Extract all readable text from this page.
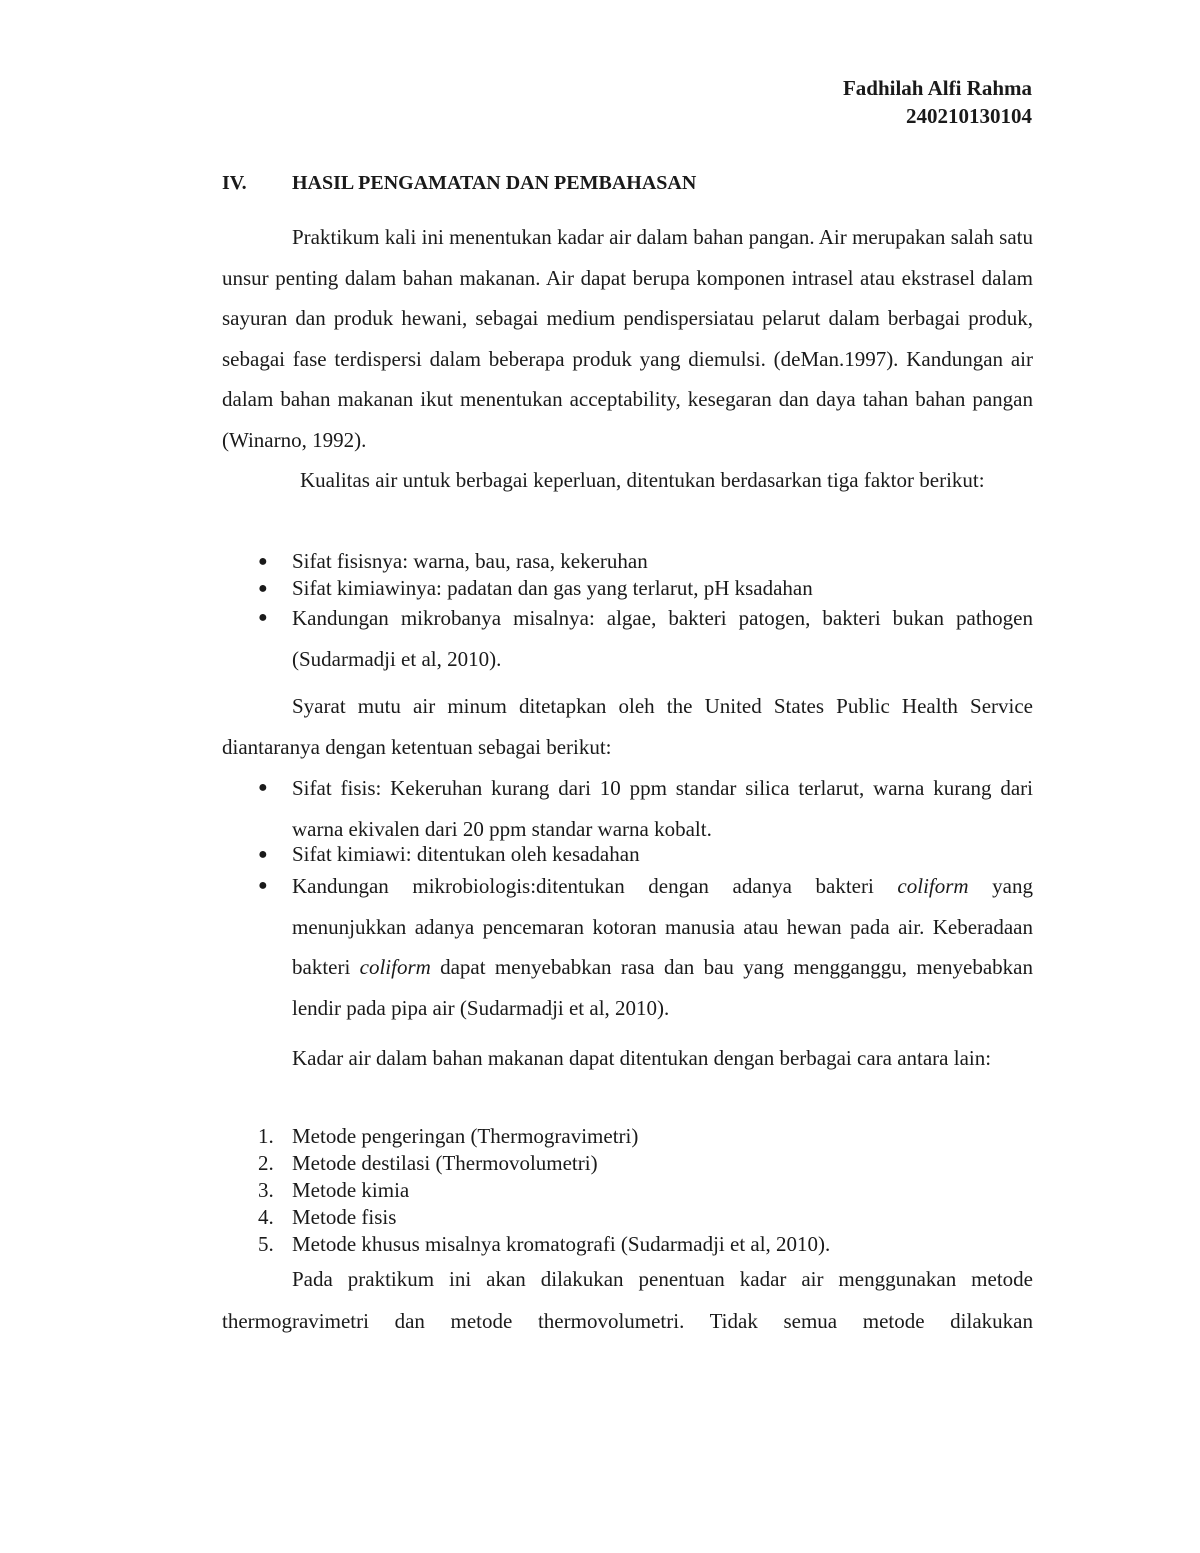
Fadhilah Alfi Rahma
240210130104
IV. HASIL PENGAMATAN DAN PEMBAHASAN
Praktikum kali ini menentukan kadar air dalam bahan pangan. Air merupakan salah satu unsur penting dalam bahan makanan. Air dapat berupa komponen intrasel atau ekstrasel dalam sayuran dan produk hewani, sebagai medium pendispersiatau pelarut dalam berbagai produk, sebagai fase terdispersi dalam beberapa produk yang diemulsi. (deMan.1997). Kandungan air dalam bahan makanan ikut menentukan acceptability, kesegaran dan daya tahan bahan pangan (Winarno, 1992).
Kualitas air untuk berbagai keperluan, ditentukan berdasarkan tiga faktor berikut:
● Sifat fisisnya: warna, bau, rasa, kekeruhan
● Sifat kimiawinya: padatan dan gas yang terlarut, pH ksadahan
● Kandungan mikrobanya misalnya: algae, bakteri patogen, bakteri bukan pathogen (Sudarmadji et al, 2010).
Syarat mutu air minum ditetapkan oleh the United States Public Health Service diantaranya dengan ketentuan sebagai berikut:
● Sifat fisis: Kekeruhan kurang dari 10 ppm standar silica terlarut, warna kurang dari warna ekivalen dari 20 ppm standar warna kobalt.
● Sifat kimiawi: ditentukan oleh kesadahan
● Kandungan mikrobiologis:ditentukan dengan adanya bakteri coliform yang menunjukkan adanya pencemaran kotoran manusia atau hewan pada air. Keberadaan bakteri coliform dapat menyebabkan rasa dan bau yang mengganggu, menyebabkan lendir pada pipa air (Sudarmadji et al, 2010).
Kadar air dalam bahan makanan dapat ditentukan dengan berbagai cara antara lain:
1. Metode pengeringan (Thermogravimetri)
2. Metode destilasi (Thermovolumetri)
3. Metode kimia
4. Metode fisis
5. Metode khusus misalnya kromatografi (Sudarmadji et al, 2010).
Pada praktikum ini akan dilakukan penentuan kadar air menggunakan metode thermogravimetri dan metode thermovolumetri. Tidak semua metode dilakukan
